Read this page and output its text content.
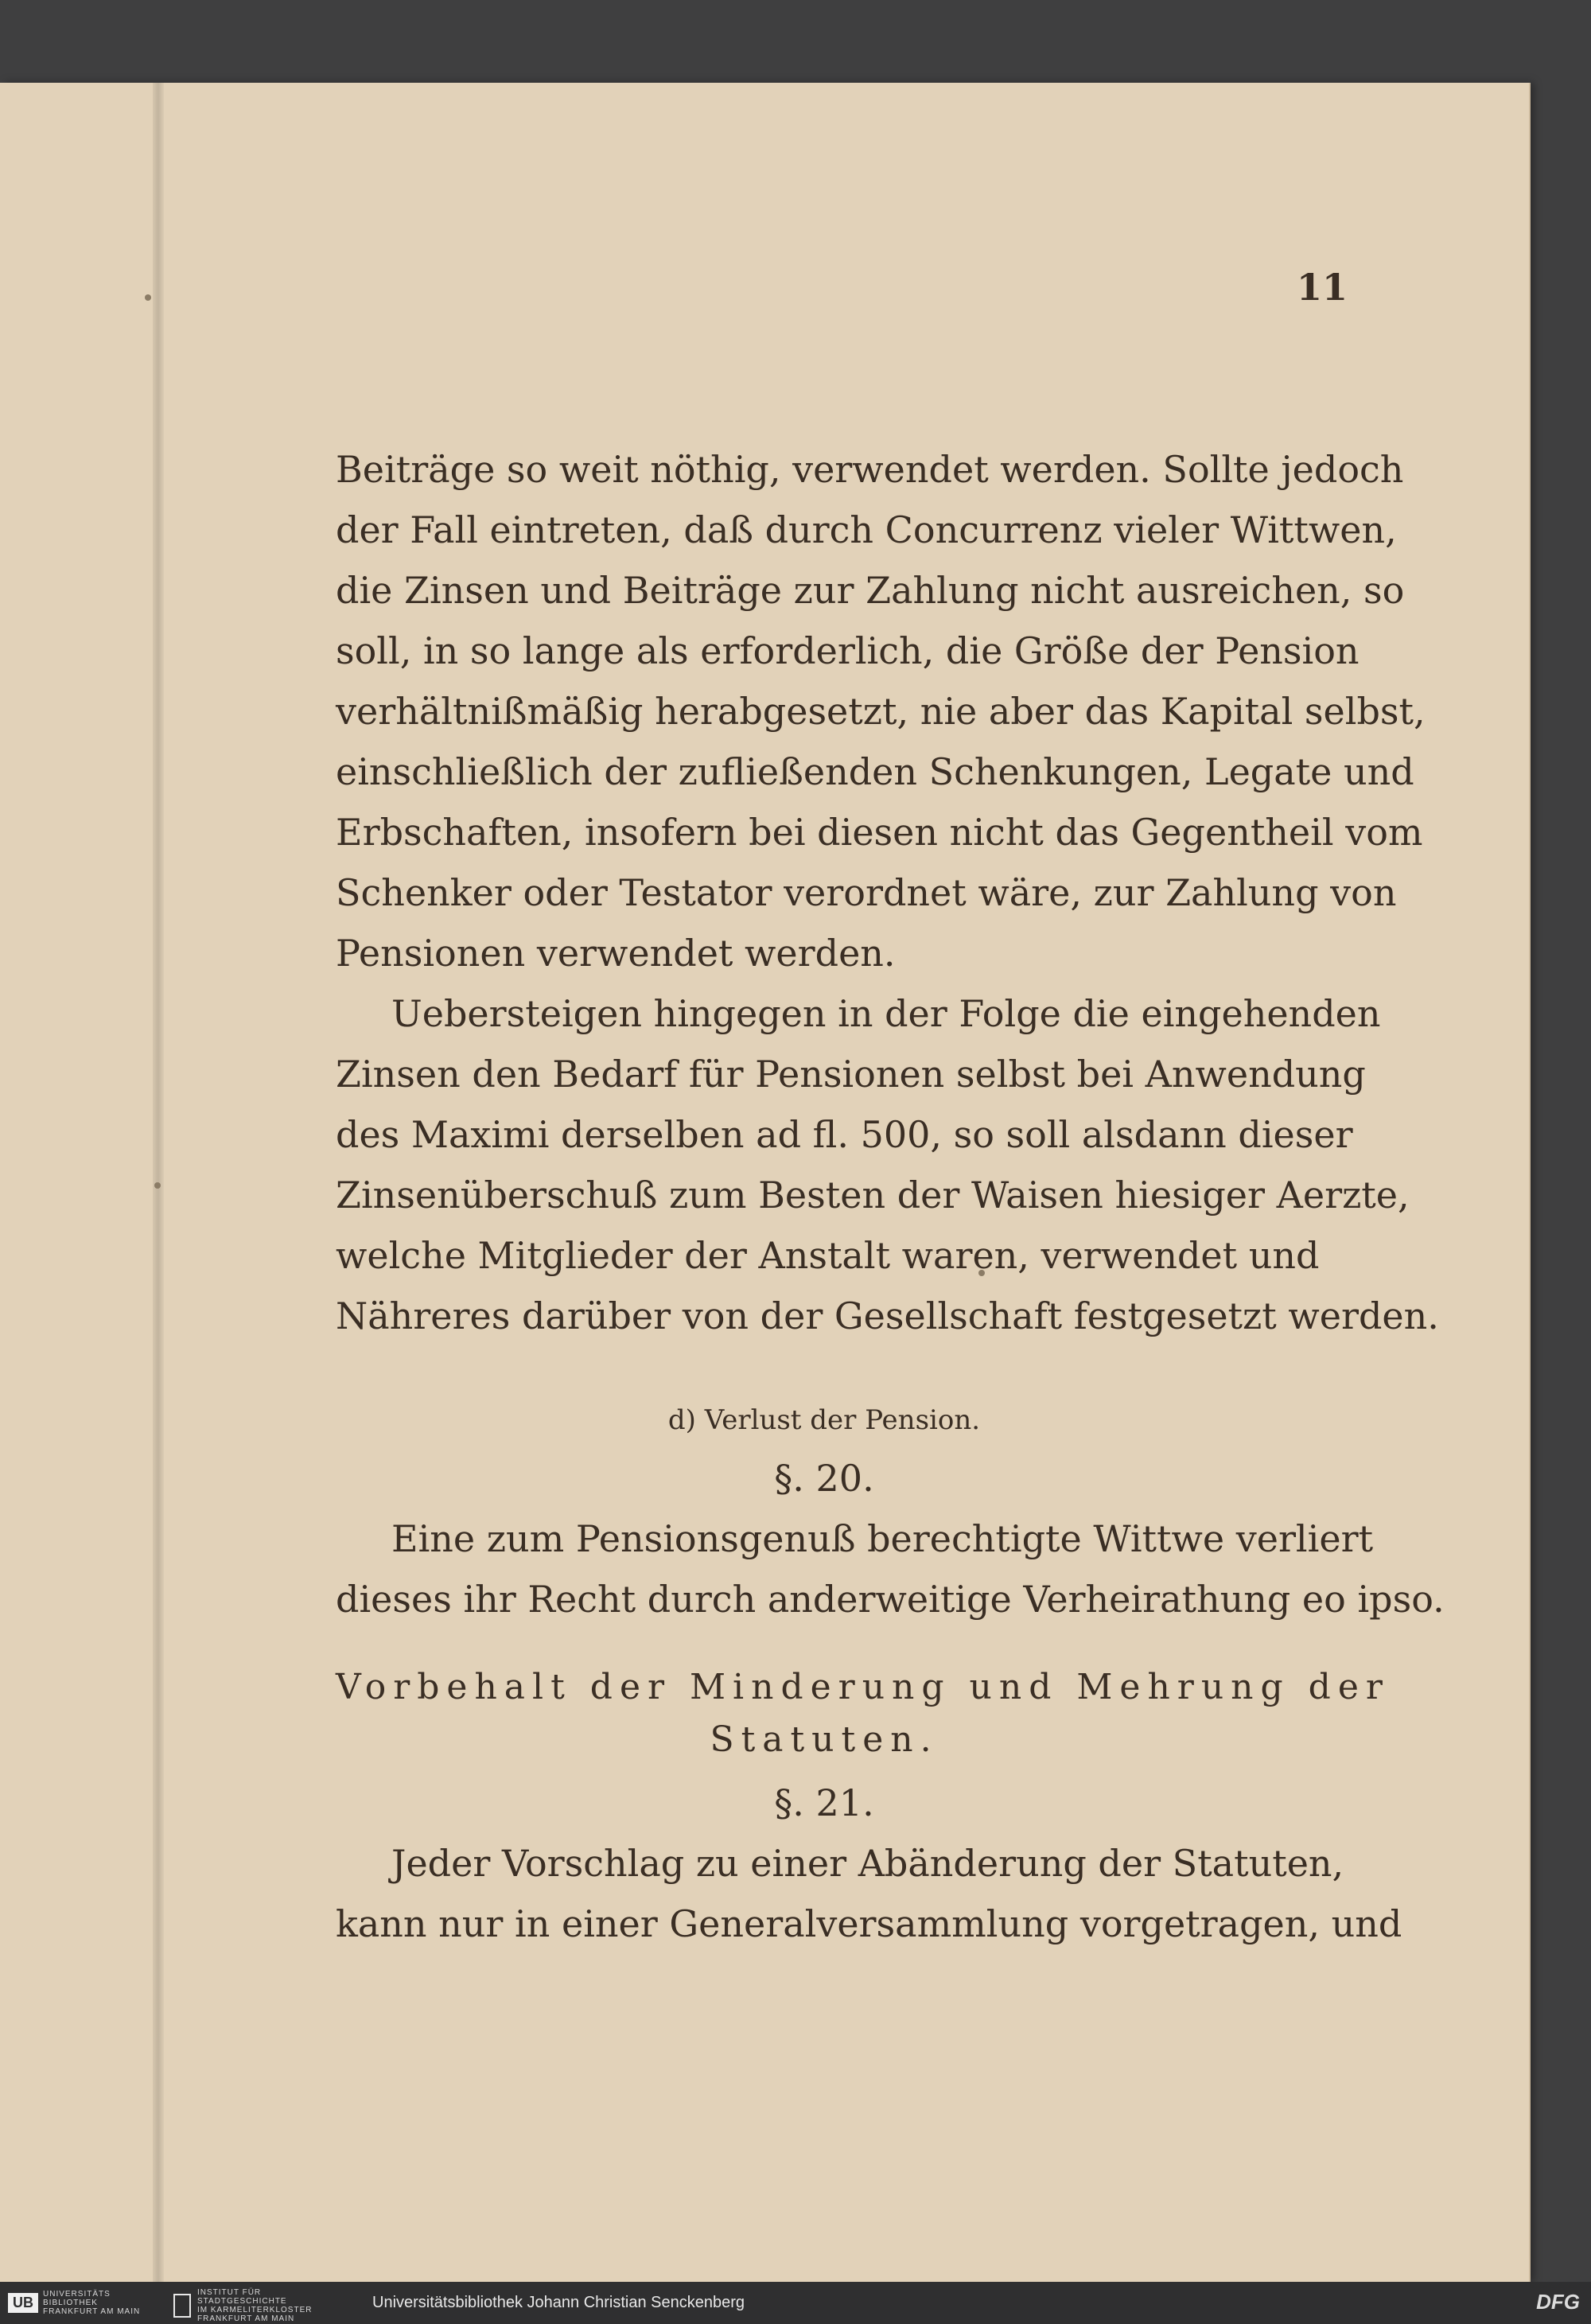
11
Beiträge so weit nöthig, verwendet werden. Sollte jedoch
der Fall eintreten, daß durch Concurrenz vieler Wittwen,
die Zinsen und Beiträge zur Zahlung nicht ausreichen, so
soll, in so lange als erforderlich, die Größe der Pension
verhältnißmäßig herabgesetzt, nie aber das Kapital selbst,
einschließlich der zufließenden Schenkungen, Legate und
Erbschaften, insofern bei diesen nicht das Gegentheil vom
Schenker oder Testator verordnet wäre, zur Zahlung von
Pensionen verwendet werden.
Uebersteigen hingegen in der Folge die eingehenden
Zinsen den Bedarf für Pensionen selbst bei Anwendung
des Maximi derselben ad fl. 500, so soll alsdann dieser
Zinsenüberschuß zum Besten der Waisen hiesiger Aerzte,
welche Mitglieder der Anstalt waren, verwendet und
Nähreres darüber von der Gesellschaft festgesetzt werden.
d) Verlust der Pension.
§. 20.
Eine zum Pensionsgenuß berechtigte Wittwe verliert
dieses ihr Recht durch anderweitige Verheirathung eo ipso.
Vorbehalt der Minderung und Mehrung der
Statuten.
§. 21.
Jeder Vorschlag zu einer Abänderung der Statuten,
kann nur in einer Generalversammlung vorgetragen, und
UB
UNIVERSITÄTS
BIBLIOTHEK
FRANKFURT AM MAIN
INSTITUT FÜR
STADTGESCHICHTE
IM KARMELITERKLOSTER
FRANKFURT AM MAIN
Universitätsbibliothek Johann Christian Senckenberg	DFG
